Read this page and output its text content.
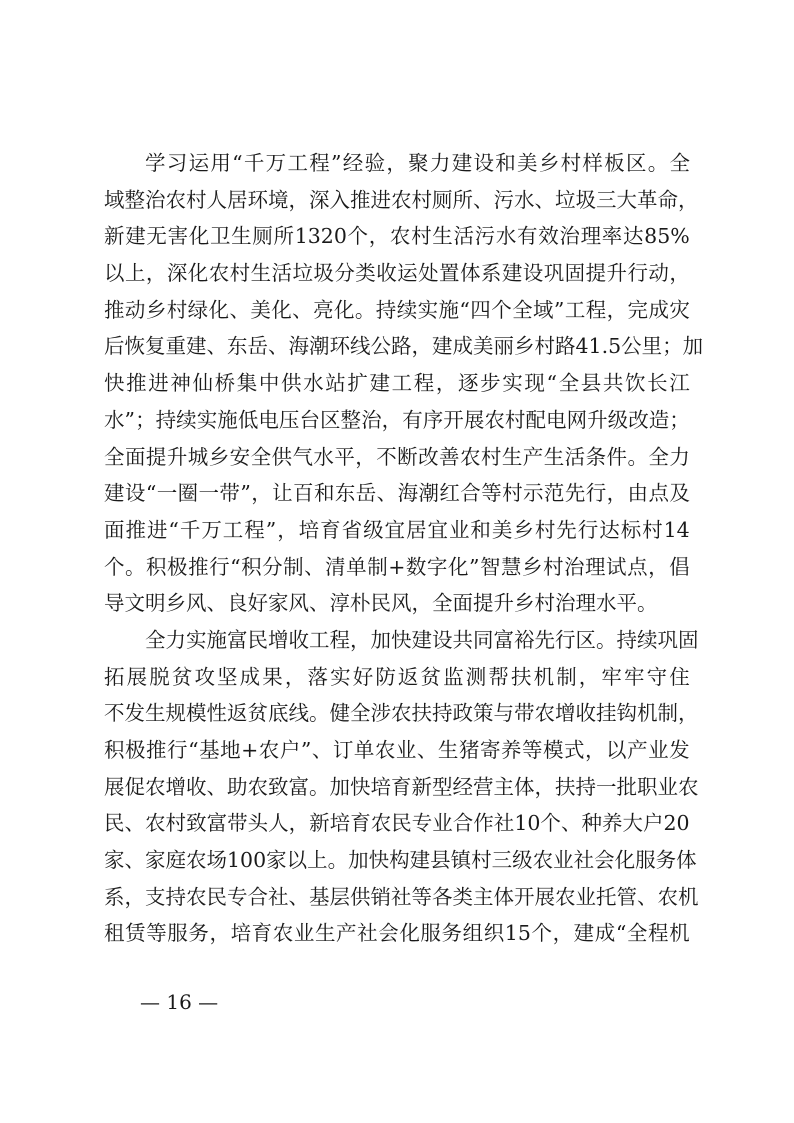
学 习 运 用 “ 千 万 工 程 ” 经 验 ， 聚 力 建 设 和 美 乡 村 样 板 区 。 全
域 整 治 农 村 人 居 环 境 ， 深 入 推 进 农 村 厕 所 、 污 水 、 垃 圾 三 大 革 命 ，
新 建 无 害 化 卫 生 厕 所 1320 个 ， 农 村 生 活 污 水 有 效 治 理 率 达 85%
以 上 ， 深 化 农 村 生 活 垃 圾 分 类 收 运 处 置 体 系 建 设 巩 固 提 升 行 动 ，
推 动 乡 村 绿 化 、 美 化 、 亮 化 。 持 续 实 施 “ 四 个 全 域 ” 工 程 ， 完 成 灾
后 恢 复 重 建 、 东 岳 、 海 潮 环 线 公 路 ， 建 成 美 丽 乡 村 路 41.5 公 里 ； 加
快 推 进 神 仙 桥 集 中 供 水 站 扩 建 工 程 ， 逐 步 实 现 “ 全 县 共 饮 长 江
水 ” ； 持 续 实 施 低 电 压 台 区 整 治 ， 有 序 开 展 农 村 配 电 网 升 级 改 造 ；
全 面 提 升 城 乡 安 全 供 气 水 平 ， 不 断 改 善 农 村 生 产 生 活 条 件 。 全 力
建 设 “ 一 圈 一 带 ” ， 让 百 和 东 岳 、 海 潮 红 合 等 村 示 范 先 行 ， 由 点 及
面 推 进 “ 千 万 工 程 ” ， 培 育 省 级 宜 居 宜 业 和 美 乡 村 先 行 达 标 村 14
个 。 积 极 推 行 “ 积 分 制 、 清 单 制 + 数 字 化 ” 智 慧 乡 村 治 理 试 点 ， 倡
导 文 明 乡 风 、 良 好 家 风 、 淳 朴 民 风 ， 全 面 提 升 乡 村 治 理 水 平 。
全 力 实 施 富 民 增 收 工 程 ， 加 快 建 设 共 同 富 裕 先 行 区 。 持 续 巩 固
拓 展 脱 贫 攻 坚 成 果 ， 落 实 好 防 返 贫 监 测 帮 扶 机 制 ， 牢 牢 守 住
不 发 生 规 模 性 返 贫 底 线 。 健 全 涉 农 扶 持 政 策 与 带 农 增 收 挂 钩 机 制 ，
积 极 推 行 “ 基 地 + 农 户 ” 、 订 单 农 业 、 生 猪 寄 养 等 模 式 ， 以 产 业 发
展 促 农 增 收 、 助 农 致 富 。 加 快 培 育 新 型 经 营 主 体 ， 扶 持 一 批 职 业 农
民 、 农 村 致 富 带 头 人 ， 新 培 育 农 民 专 业 合 作 社 10 个 、 种 养 大 户 20
家 、 家 庭 农 场 100 家 以 上 。 加 快 构 建 县 镇 村 三 级 农 业 社 会 化 服 务 体
系 ， 支 持 农 民 专 合 社 、 基 层 供 销 社 等 各 类 主 体 开 展 农 业 托 管 、 农 机
租 赁 等 服 务 ， 培 育 农 业 生 产 社 会 化 服 务 组 织 15 个 ， 建 成 “ 全 程 机
— 16 —
